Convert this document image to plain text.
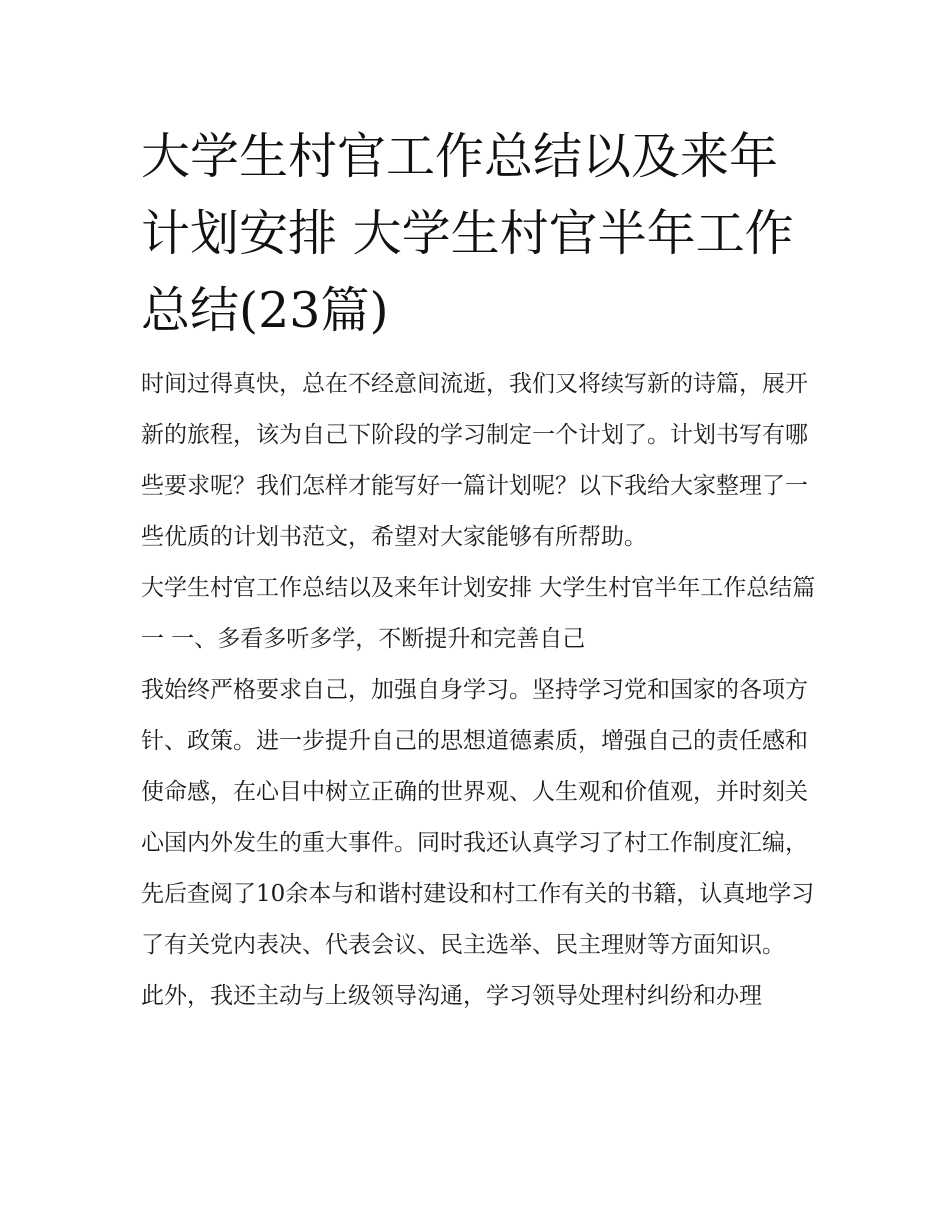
大学生村官工作总结以及来年计划安排 大学生村官半年工作总结(23篇)

时间过得真快，总在不经意间流逝，我们又将续写新的诗篇，展开新的旅程，该为自己下阶段的学习制定一个计划了。计划书写有哪些要求呢？我们怎样才能写好一篇计划呢？以下我给大家整理了一些优质的计划书范文，希望对大家能够有所帮助。

大学生村官工作总结以及来年计划安排 大学生村官半年工作总结篇一 一、多看多听多学，不断提升和完善自己

我始终严格要求自己，加强自身学习。坚持学习党和国家的各项方针、政策。进一步提升自己的思想道德素质，增强自己的责任感和使命感，在心目中树立正确的世界观、人生观和价值观，并时刻关心国内外发生的重大事件。同时我还认真学习了村工作制度汇编，先后查阅了10余本与和谐村建设和村工作有关的书籍，认真地学习了有关党内表决、代表会议、民主选举、民主理财等方面知识。

此外，我还主动与上级领导沟通，学习领导处理村纠纷和办理
